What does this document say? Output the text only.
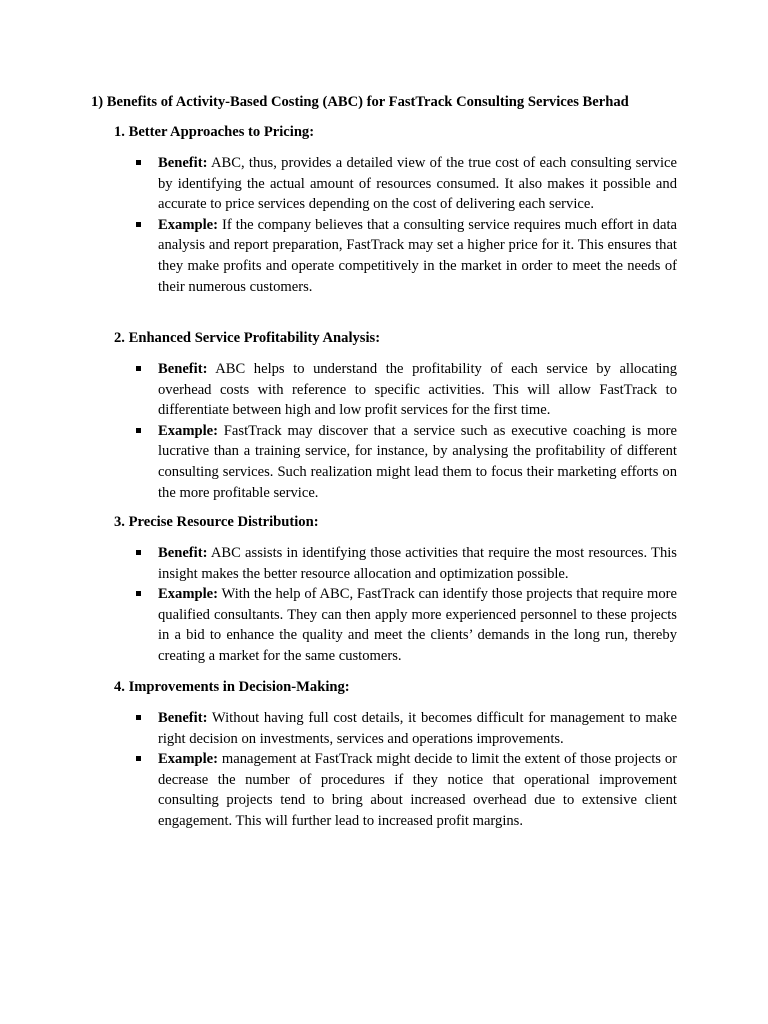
1) Benefits of Activity-Based Costing (ABC) for FastTrack Consulting Services Berhad

1. Better Approaches to Pricing:

Benefit: ABC, thus, provides a detailed view of the true cost of each consulting service by identifying the actual amount of resources consumed. It also makes it possible and accurate to price services depending on the cost of delivering each service.
Example: If the company believes that a consulting service requires much effort in data analysis and report preparation, FastTrack may set a higher price for it. This ensures that they make profits and operate competitively in the market in order to meet the needs of their numerous customers.

2. Enhanced Service Profitability Analysis:

Benefit: ABC helps to understand the profitability of each service by allocating overhead costs with reference to specific activities. This will allow FastTrack to differentiate between high and low profit services for the first time.
Example: FastTrack may discover that a service such as executive coaching is more lucrative than a training service, for instance, by analysing the profitability of different consulting services. Such realization might lead them to focus their marketing efforts on the more profitable service.

3. Precise Resource Distribution:

Benefit: ABC assists in identifying those activities that require the most resources. This insight makes the better resource allocation and optimization possible.
Example: With the help of ABC, FastTrack can identify those projects that require more qualified consultants. They can then apply more experienced personnel to these projects in a bid to enhance the quality and meet the clients’ demands in the long run, thereby creating a market for the same customers.

4. Improvements in Decision-Making:

Benefit: Without having full cost details, it becomes difficult for management to make right decision on investments, services and operations improvements.
Example: management at FastTrack might decide to limit the extent of those projects or decrease the number of procedures if they notice that operational improvement consulting projects tend to bring about increased overhead due to extensive client engagement. This will further lead to increased profit margins.
